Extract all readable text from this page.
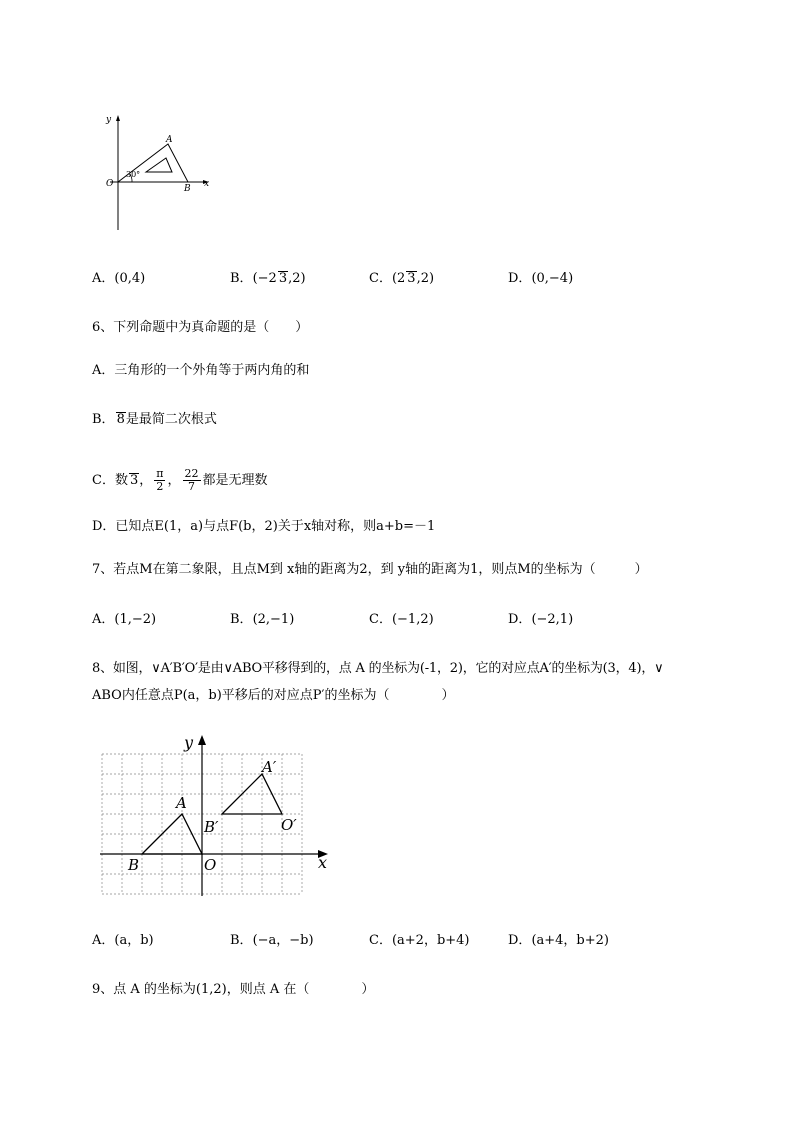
y
x
O
A
B
30°
A．(0,4)	B．(−2 3,2)	C．(2 3,2)	D．(0,−4)
6、下列命题中为真命题的是（　　）
A．三角形的一个外角等于两内角的和
B． 8是最简二次根式
C．数 3， $\frac{\pi}{2}$ ， $\frac{22}{7}$ 都是无理数
D．已知点E(1，a)与点F(b，2)关于x轴对称，则a+b=－1
7、若点M在第二象限，且点M到 x轴的距离为2，到 y轴的距离为1，则点M的坐标为（　　　）
A．(1,−2)	B．(2,−1)	C．(−1,2)	D．(−2,1)
8、如图，∨A′B′O′是由∨ABO平移得到的，点 A 的坐标为(-1，2)，它的对应点A′的坐标为(3，4)，∨
ABO内任意点P(a，b)平移后的对应点P′的坐标为（　　　　）
y
x
O
B
A
A′
B′	O′
A．(a，b)	B．(−a，−b)	C．(a+2，b+4)	D．(a+4，b+2)
9、点 A 的坐标为(1,2)，则点 A 在（　　　　）
